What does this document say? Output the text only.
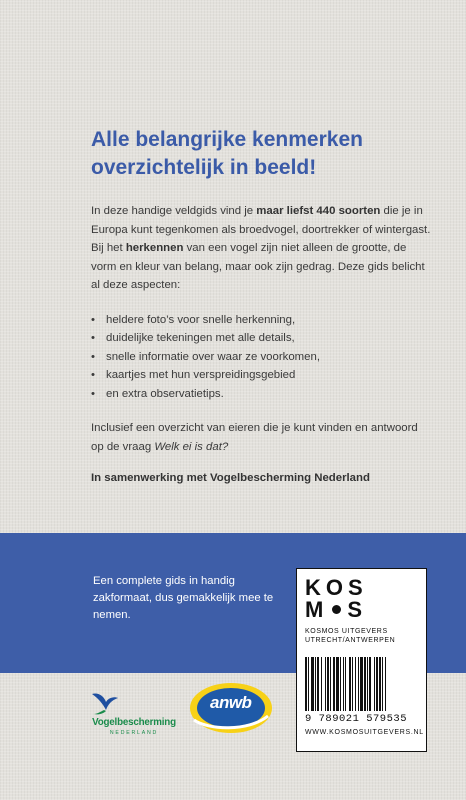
Alle belangrijke kenmerken
overzichtelijk in beeld!
In deze handige veldgids vind je maar liefst 440 soorten die je in Europa kunt tegenkomen als broedvogel, doortrekker of wintergast. Bij het herkennen van een vogel zijn niet alleen de grootte, de vorm en kleur van belang, maar ook zijn gedrag. Deze gids belicht al deze aspecten:
• heldere foto’s voor snelle herkenning,
• duidelijke tekeningen met alle details,
• snelle informatie over waar ze voorkomen,
• kaartjes met hun verspreidingsgebied
• en extra observatietips.
Inclusief een overzicht van eieren die je kunt vinden en antwoord op de vraag Welk ei is dat?
In samenwerking met Vogelbescherming Nederland
Een complete gids in handig zakformaat, dus gemakkelijk mee te nemen.
KOS
M S
KOSMOS UITGEVERS
UTRECHT/ANTWERPEN
9 789021 579535
WWW.KOSMOSUITGEVERS.NL
Vogelbescherming
NEDERLAND
anwb
